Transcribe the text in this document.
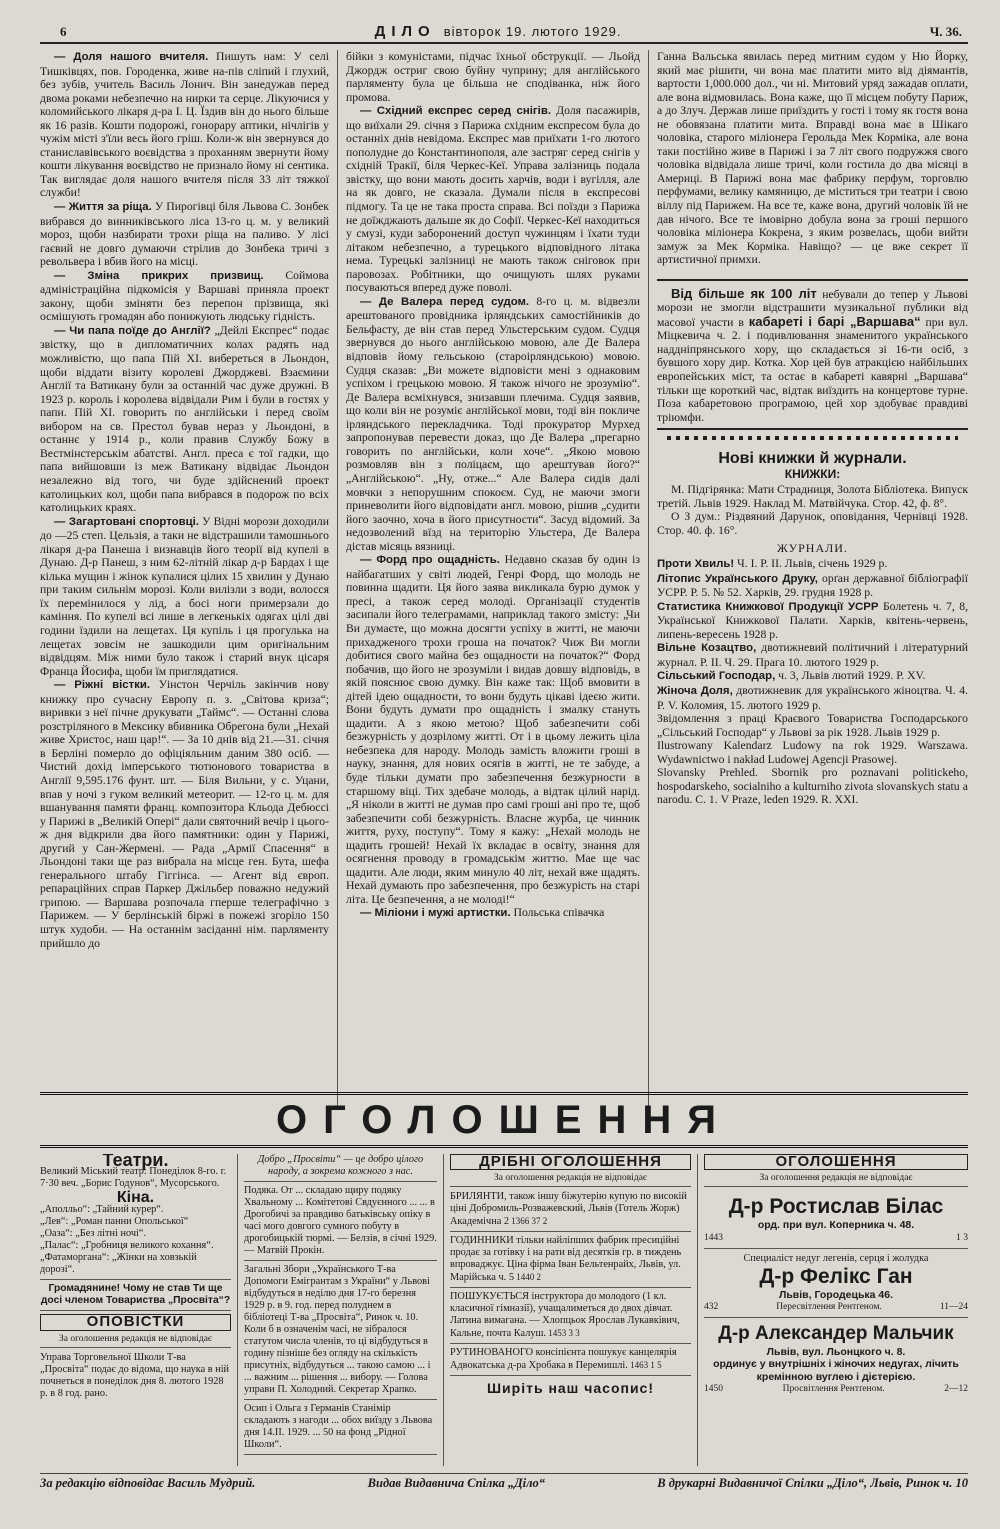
6	ДІЛО вівторок 19. лютого 1929.	Ч. 36.

— Доля нашого вчителя. Пишуть нам: У селі Тишківцях, пов. Городенка, живе на-пів сліпий і глухий, без зубів, учитель Василь Лонич. Він занедужав перед двома роками небезпечно на нирки та серце. Лікуючися у коломийського лікаря д-ра І. Ц. Їздив він до нього більше як 16 разів. Кошти подорожі, гонорару аптики, нічлігів у чужім місті з'їли весь його гріш. Коли-ж він звернувся до станиславівського воєвідства з проханням звернути йому кошти лікування воєвідство не признало йому ні ceнтика. Так виглядає доля нашого вчителя після 33 літ тяжкої служби!

— Життя за ріща. У Пирогівці біля Львова С. Зонбек вибрався до винниківського ліса 13-го ц. м. у великий мороз, щоби назбирати трохи ріща на паливо. У лісі гаєвий не довго думаючи стрілив до Зонбека тричі з револьвера і вбив його на місці.

— Зміна прикрих призвищ. Соймова адміністраційна підкомісія у Варшаві приняла проект закону, щоби зміняти без перепон прізвища, які осмішують громадян або понижують людську гідність.

— Чи папа поїде до Англії? „Дейлі Експрес“ подає звістку, що в дипломатичних колах радять над можливістю, що папа Пій XI. вибереться в Льондон, щоби віддати візиту королеві Джорджеві. Взаємини Англії та Ватикану були за останній час дуже дружні. В 1923 р. король і королева відвідали Рим і були в гостях у папи. Пій XI. говорить по англійськи і перед своїм вибором на св. Престол бував неpаз у Льондоні, в останнє у 1914 р., коли правив Службу Божу в Вестмінстерськім абатстві. Англ. преса є тої гадки, що папа вийшовши із меж Ватикану відвідає Льондон незалежно від того, чи буде здійснений проект католицьких кол, щоби папа вибрався в подорож по всіх католицьких краях.

— Загартовані спортовці. У Відні морози доходили до —25 степ. Цельзія, а таки не відстрашили тамошнього лікаря д-ра Панеша і визнавців його теорії від купелі в Дунаю. Д-р Панеш, з ним 62-літній лікар д-р Бардах і ще кілька мущин і жінок купалися цілих 15 хвилин у Дунаю при таким сильнім морозі. Коли вилізли з води, волосся їх перемінилося у лід, а босі ноги примерзали до каміння. По купелі всі лише в легкенькіх одягах цілі дві години їздили на лещетах. Ця купіль і ця прогулька на лещетах зовсім не зашкодили цим оригінальним відвідцям. Між ними було також і старий внук цісаря Франца Йосифа, щоби їм приглядатися.

— Ріжні вістки. Уінстон Черчіль закінчив нову книжку про сучасну Европу п. з. „Світова криза“; виривки з неї пічне друкувати „Таймс“. — Останні слова розстріляного в Мексику вбивника Обрегона були „Нехай живе Христос, наш цар!“. — За 10 днів від 21.—31. січня в Берліні померло до офіціяльним даним 380 осіб. — Чистий дохід імперського тютюнового товариства в Англії 9,595.176 фунт. шт. — Біля Вильни, у с. Уцани, впав у ночі з гуком великий метеорит. — 12-го ц. м. для вшанування памяти франц. композитора Кльода Дебюссі у Парижі в „Великій Опері“ дали святочний вечір і цього-ж дня відкрили два його памятники: один у Парижі, другий у Сан-Жермені. — Рада „Армії Спасення“ в Льондоні таки ще раз вибрала на місце ген. Бута, шефа генерального штабу Гіггінса. — Агент від європ. репараційних справ Паркер Джільбер поважно недужий грипою. — Варшава розпочала гперше телеграфічно з Парижем. — У берлінській біржі в пожежі згоріло 150 штук худоби. — На останнім засіданні нім. парляменту прийшло до

бійки з комуністами, підчас їхньої обструкції. — Льойд Джордж остриг свою буйну чуприну; для англійського парляменту була це більша не сподіванка, ніж його промова.

— Східний експрес серед снігів. Доля пасажирів, що виїхали 29. січня з Парижа східним експресом була до останніх днів невідома. Експрес мав приїхати 1-го лютого пополудне до Константинополя, але застряг серед снігів у східній Тракії, біля Черкес-Кеї. Управа залізниць подала звістку, що вони мають досить харчів, води і вугілля, але на як довго, не сказала. Думали після в експресові підмогу. Та це не така простa справа. Всі поїзди з Парижа не доїжджають дальше як до Софії. Черкес-Кеї находиться у смузі, куди заборонений доступ чужинцям і їхати туди літаком небезпечно, а турецького відповідного літака нема. Турецькі залізниці не мають також сніговок при паровозах. Робітники, що очищують шлях руками посуваються вперед дуже поволі.

— Де Валера перед судом. 8-го ц. м. відвезли арештованого провідника ірляндських самостійників до Бельфасту, де він став перед Ульстерським судом. Судця звернувся до нього англійською мовою, але Де Валера відповів йому гельською (староірляндською) мовою. Судця сказав: „Ви можете відповісти мені з однаковим успіхом і грецькою мовою. Я також нічого не зрозумію“. Де Валера всміхнувся, знизавши плечима. Судця заявив, що коли він не розуміє англійської мови, тоді він покличе ірляндського перекладчика. Тоді прокурaтор Мурхед запропонував перевести доказ, що Де Валера „прегарно говорить по англійськи, коли хоче“. „Якою мовою розмовляв він з поліцаєм, що арештував його?“ „Англійською“. „Ну, отже...“ Але Валера сидів далі мовчки з непорушним спокоєм. Суд, не маючи змоги приневолити його відповідати англ. мовою, рішив „судити його заочно, хоча в його присутности“. Засуд відомий. За недозволений вїзд на територію Ульстера, Де Валера дістав місяць вязниці.

— Форд про ощадність. Недавно сказав бу один із найбагатших у світі людей, Генрі Форд, що молодь не повинна щадити. Ця його заява викликала бурю думок у пресі, а також серед молоді. Організації студентів засипали його телеграмами, наприклад такого змісту: „Чи Ви думаєте, що можна досягти успіху в житті, не маючи прихадженого трохи гроша на початок? Чиж Ви могли добитися свого майна без ощадности на початок?“ Форд побачив, що його не зрозуміли і видав довшу відповідь, в якій пояснює свою думку. Він каже так: Щоб вмовити в дітей ідею ощадности, то вони будуть цікаві ідеєю жити. Вони будуть думати про ощадність і змалку стануть щадити. А з якою метою? Щоб забезпечити собі безжурність у дозрілому житті. От і в цьому лежить ціла небезпека для народу. Молодь замість вложити гроші в науку, знання, для нових осягів в житті, не те забуде, а буде тільки думати про забезпечення безжурности в старшому віці. Тих здебаче молодь, а відтак цілий нарід. „Я ніколи в житті не думав про самі гроші ані про те, щоб забезпечити собі безжурність. Власне журба, це чинник життя, руху, поступу“. Тому я кажу: „Нехай молодь не щадить грошей! Нехай їх вкладає в освіту, знання для осягнення проводу в громадськім життю. Мае ще час щадити. Але люди, яким минуло 40 літ, нехай вже щадять. Нехай думають про забезпечення, про безжурість на старі літа. Це безпечення, а не молоді!“

— Міліони і мужі артистки. Польська співачка

Ганна Вальська явилась перед митним судом у Ню Йорку, який має рішити, чи вона має платити мито від діямантів, вартости 1,000.000 дол., чи ні. Митовий уряд зажадав оплати, але вона відмовилась. Вона каже, що її місцем побуту Париж, а до Злуч. Держав лише приїздить у гості і тому як гостя вона не обовязана платити мита. Вправді вона має в Шікаго чоловіка, старого міліонера Герольда Мек Корміка, але вона таки постійно живе в Парижі і за 7 літ свого подружжя свого чоловіка відвідала лише тричі, коли гостила до два місяці в Америці. В Парижі вона має фабрику перфум, торговлю перфумами, велику камяницю, де міститься три театри і свою віллу під Парижем. На все те, каже вона, другий чоловік їй не дав нічого. Все те імовірно добула вона за гроші першого чоловіка міліонера Кокрена, з яким розвелась, щоби вийти замуж за Мек Корміка. Навіщо? — це вже секрет її артистичної примхи.

Від більше як 100 літ небували до тепер у Львові морози не змогли відстрашити музикальної публики від масової участи в кабареті і барі „Варшава“ при вул. Міцкевича ч. 2. і подивлювання знаменитого українського наддніпрянського хору, що складається зі 16-ти осіб, з бувшого хору дир. Котка. Хор цей був атракцією найбільших европейських міст, та остає в кабареті кавярні „Варшава“ тільки ще короткий час, відтак виїздить на концертове турне. Поза кабаретовою програмою, цей хор здобуває правдиві тріюмфи.

Нові книжки й журнали.
КНИЖКИ:

М. Підгірянка: Мати Страдниця, Золота Бібліотека. Випуск третій. Львів 1929. Наклад М. Матвійчука. Стор. 42, ф. 8°.

О З дум.: Різдвяний Дарунок, оповідання, Чернівці 1928. Стор. 40. ф. 16°.

ЖУРНАЛИ.

Проти Хвиль! Ч. І. Р. ІІ. Львів, січень 1929 р.

Літопис Українського Друку, орґан державної бібліографії УСРР. Р. 5. № 52. Харків, 29. грудня 1928 р.

Статистика Книжкової Продукції УСРР Болетень ч. 7, 8, Української Книжкової Палати. Харків, квітень-червень, липень-вересень 1928 р.

Вільне Козацтво, двотижневий політичний і літературний журнал. Р. ІІ. Ч. 29. Прага 10. лютого 1929 р.

Сільський Господар, ч. 3, Львів лютий 1929. Р. XV.

Жіноча Доля, двотижневик для українського жіноцтва. Ч. 4. Р. V. Коломия, 15. лютого 1929 р.

Звідомлення з праці Краєвого Товариства Господарського „Сільський Господар“ у Львові за рік 1928. Львів 1929 р.

Ilustrowany Kalendarz Ludowy na rok 1929. Warszawa. Wydawnictwo i nakład Ludowej Agencji Prasowej.

Slovansky Prehled. Sbornik pro poznavani politickeho, hospodarskeho, socialniho a kulturniho zivota slovanskych statu a narodu. С. 1. V Praze, leden 1929. R. XXI.

ОГОЛОШЕННЯ
Театри.
Великий Міський театр: Понеділок 8-го. г. 7·30 веч. „Борис Годунов“, Мусорського.
Кіна.
„Аполльо“: „Тайний курер“.
„Лев“: „Роман панни Опольської“
„Оаза“: „Без літні ночі“.
„Палас“: „Гробниця великого кохання“.
„Фатаморгана“: „Жінки на ховзькій дорозі“.
Громадянине! Чому не став Ти ще досі членом Товариства „Просвіта“?
ОПОВІСТКИ
За оголошення редакція не відповідає
Управа Торговельної Школи Т-ва „Просвіта“ подає до відома, що наука в ній почнеться в понеділок дня 8. лютого 1928 р. в 8 год. рано.
Добро „Просвіти“ — це добро цілого народу, а зокрема кожного з нас.
Подяка. От ... складаю щиру подяку Хвальному ... Комітетові Свдуєнного ... ... в Дрогобичі за правдиво батьківську опіку в часі мого довгого сумного побуту в дрогобицькій тюрмі. — Белзів, в січні 1929. — Матвій Прокін.
Загальні Збори „Українського Т-ва Допомоги Емігрантам з України“ у Львові відбудуться в неділю дня 17-го березня 1929 р. в 9. год. перед полуднем в бібліотеці Т-ва „Просвіта“, Ринок ч. 10. Коли б в означенім часі, не зібралося статутом числа членів, то ці відбудуться в годину пізніше без огляду на скількість присутніх, відбудуться ... такою самою ... і ... важним ... рішення ... вибору. — Голова управи П. Холодний. Секретар Храпко.
Осип і Ольга з Германів Станімір складають з нагоди ... обох виїзду з Львова дня 14.II. 1929. ... 50 на фонд „Рідної Школи“.
ДРІБНІ ОГОЛОШЕННЯ
За оголошення редакція не відповідає
БРИЛЯНТИ, також іншу біжутерію купую по високій ціні Добромиль-Розважевский, Львів (Готель Жорж) Академічна 2 1366 37 2
ГОДИННИКИ тільки найліпших фабрик пресиційні продає за готівку і на рати від десятків гр. в тиждень впроваджує. Ціна фірма Іван Бельтенрайх, Львів, ул. Марійська ч. 5 1440 2
ПОШУКУЄТЬСЯ інструктора до молодого (1 кл. класичної гімназії), учащалиметься до двох дівчат. Латина вимагана. — Хлопцьок Ярослав Лукавківич, Кальне, почта Калуш. 1453 3 3
РУТИНОВАНОГО консіпієнта пошукує канцелярія Адвокатська д-ра Хробака в Перемишлі. 1463 1 5
Ширіть наш часопис!
ОГОЛОШЕННЯ
За оголошення редакція не відповідає
Д-р Ростислав Білас
орд. при вул. Коперника ч. 48.
1443	1 3
Специаліст недуг легенів, серця і жолудка
Д-р Фелікс Ган
Львів, Городецька 46.
432	Пересвітлення Рентґеном.	11—24
Д-р Александер Мальчик
Львів, вул. Льонцкого ч. 8.
ординує у внутрішніх і жіночих недугах, лічить кремінною вуглею і дієтерією.
1450	Просвітлення Рентґеном.	2—12
За редакцію відповідає Василь Мудрий.	Видав Видавнича Спілка „Діло“	В друкарні Видавничої Спілки „Діло“, Львів, Ринок ч. 10
